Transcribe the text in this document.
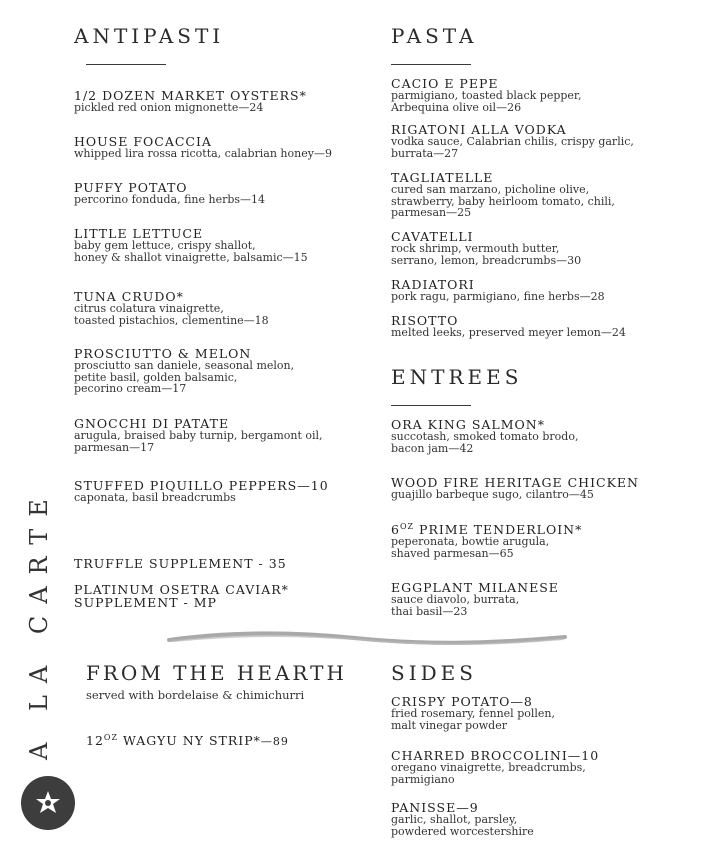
A LA CARTE
ANTIPASTI
1/2 DOZEN MARKET OYSTERS*
pickled red onion mignonette—24
HOUSE FOCACCIA
whipped lira rossa ricotta, calabrian honey—9
PUFFY POTATO
percorino fonduda, fine herbs—14
LITTLE LETTUCE
baby gem lettuce, crispy shallot,
honey & shallot vinaigrette, balsamic—15
TUNA CRUDO*
citrus colatura vinaigrette,
toasted pistachios, clementine—18
PROSCIUTTO & MELON
prosciutto san daniele, seasonal melon,
petite basil, golden balsamic,
pecorino cream—17
GNOCCHI DI PATATE
arugula, braised baby turnip, bergamont oil,
parmesan—17
STUFFED PIQUILLO PEPPERS—10
caponata, basil breadcrumbs
TRUFFLE SUPPLEMENT - 35
PLATINUM OSETRA CAVIAR*
SUPPLEMENT - MP
PASTA
CACIO E PEPE
parmigiano, toasted black pepper,
Arbequina olive oil—26
RIGATONI ALLA VODKA
vodka sauce, Calabrian chilis, crispy garlic,
burrata—27
TAGLIATELLE
cured san marzano, picholine olive,
strawberry, baby heirloom tomato, chili,
parmesan—25
CAVATELLI
rock shrimp, vermouth butter,
serrano, lemon, breadcrumbs—30
RADIATORI
pork ragu, parmigiano, fine herbs—28
RISOTTO
melted leeks, preserved meyer lemon—24
ENTREES
ORA KING SALMON*
succotash, smoked tomato brodo,
bacon jam—42
WOOD FIRE HERITAGE CHICKEN
guajillo barbeque sugo, cilantro—45
$6^{OZ}$ PRIME TENDERLOIN*
peperonata, bowtie arugula,
shaved parmesan—65
EGGPLANT MILANESE
sauce diavolo, burrata,
thai basil—23
FROM THE HEARTH
served with bordelaise & chimichurri
$12^{OZ}$ WAGYU NY STRIP*—89
SIDES
CRISPY POTATO—8
fried rosemary, fennel pollen,
malt vinegar powder
CHARRED BROCCOLINI—10
oregano vinaigrette, breadcrumbs,
parmigiano
PANISSE—9
garlic, shallot, parsley,
powdered worcestershire
